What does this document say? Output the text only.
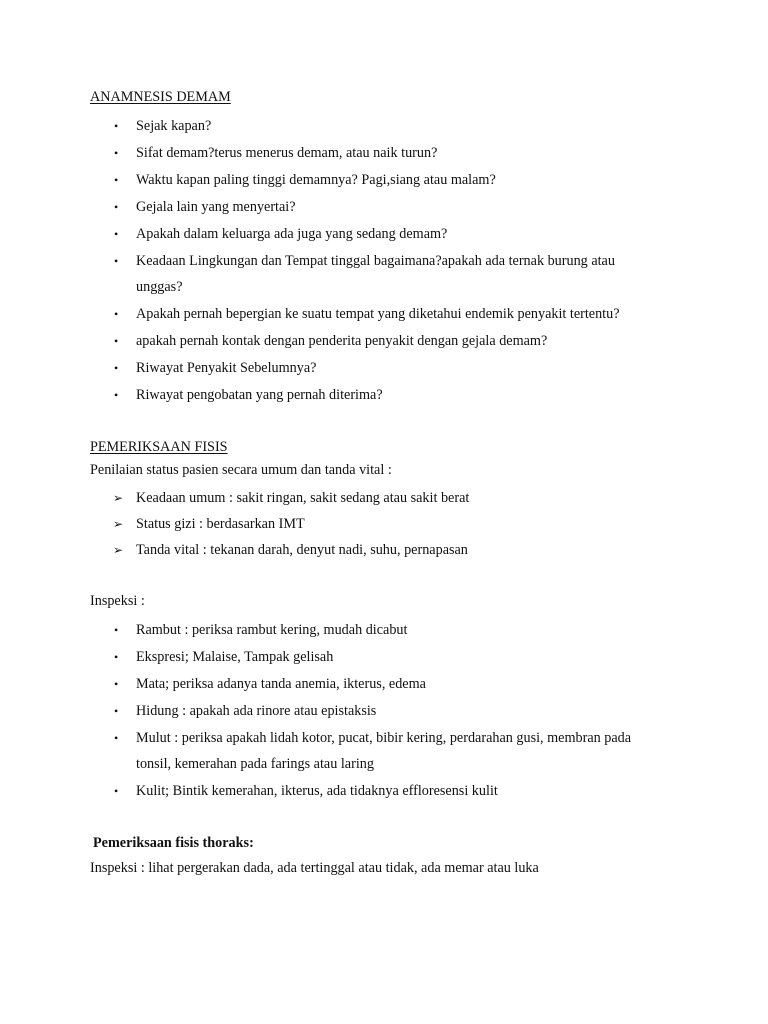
ANAMNESIS DEMAM
• Sejak kapan?
• Sifat demam?terus menerus demam, atau naik turun?
• Waktu kapan paling tinggi demamnya? Pagi,siang atau malam?
• Gejala lain yang menyertai?
• Apakah dalam keluarga ada juga yang sedang demam?
• Keadaan Lingkungan dan Tempat tinggal bagaimana?apakah ada ternak burung atau
unggas?
• Apakah pernah bepergian ke suatu tempat yang diketahui endemik penyakit tertentu?
• apakah pernah kontak dengan penderita penyakit dengan gejala demam?
• Riwayat Penyakit Sebelumnya?
• Riwayat pengobatan yang pernah diterima?
PEMERIKSAAN FISIS

Penilaian status pasien secara umum dan tanda vital :

➢ Keadaan umum : sakit ringan, sakit sedang atau sakit berat
➢ Status gizi : berdasarkan IMT
➢ Tanda vital : tekanan darah, denyut nadi, suhu, pernapasan

Inspeksi :

• Rambut : periksa rambut kering, mudah dicabut
• Ekspresi; Malaise, Tampak gelisah
• Mata; periksa adanya tanda anemia, ikterus, edema
• Hidung : apakah ada rinore atau epistaksis
• Mulut : periksa apakah lidah kotor, pucat, bibir kering, perdarahan gusi, membran pada
tonsil, kemerahan pada farings atau laring
• Kulit; Bintik kemerahan, ikterus, ada tidaknya effloresensi kulit
Pemeriksaan fisis thoraks:

Inspeksi : lihat pergerakan dada, ada tertinggal atau tidak, ada memar atau luka
